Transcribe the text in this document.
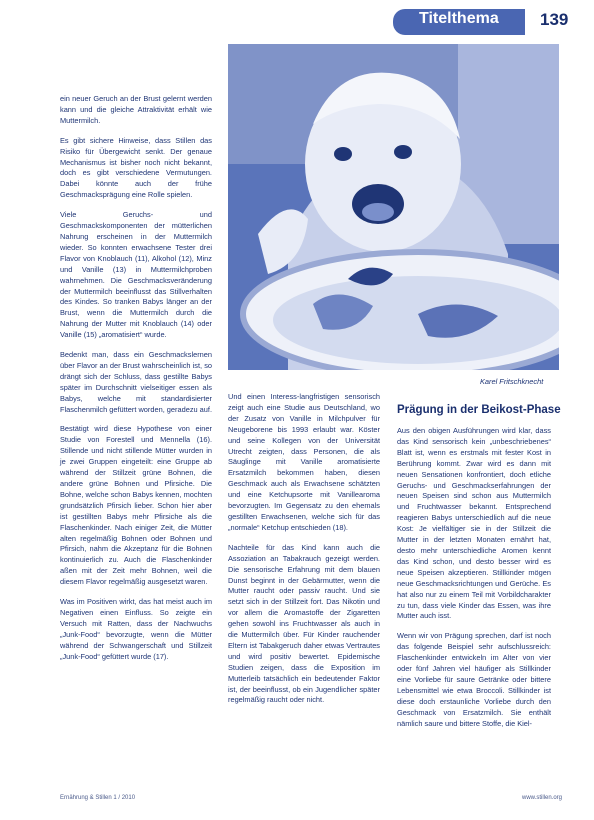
Titelthema 139

ein neuer Geruch an der Brust gelernt werden kann und die gleiche Attraktivität erhält wie Muttermilch.

Es gibt sichere Hinweise, dass Stillen das Risiko für Übergewicht senkt. Der genaue Mechanismus ist bisher noch nicht bekannt, doch es gibt verschiedene Vermutungen. Dabei könnte auch der frühe Geschmacksprägung eine Rolle spielen.

Viele Geruchs- und Geschmackskomponenten der mütterlichen Nahrung erscheinen in der Muttermilch wieder. So konnten erwachsene Tester drei Flavor von Knoblauch (11), Alkohol (12), Minz und Vanille (13) in Muttermilchproben wahrnehmen. Die Geschmacksveränderung der Muttermilch beeinflusst das Stillverhalten des Kindes. So tranken Babys länger an der Brust, wenn die Muttermilch durch die Nahrung der Mutter mit Knoblauch (14) oder Vanille (15) „aromatisiert“ wurde.

Bedenkt man, dass ein Geschmackslernen über Flavor an der Brust wahrscheinlich ist, so drängt sich der Schluss, dass gestillte Babys später im Durchschnitt vielseitiger essen als Babys, welche mit standardisierter Flaschenmilch gefüttert worden, geradezu auf.

Bestätigt wird diese Hypothese von einer Studie von Forestell und Mennella (16). Stillende und nicht stillende Mütter wurden in je zwei Gruppen eingeteilt: eine Gruppe ab während der Stillzeit grüne Bohnen, die andere grüne Bohnen und Pfirsiche. Die Bohne, welche schon Babys kennen, mochten grundsätzlich Pfirsich lieber. Schon hier aber ist gestillten Babys mehr Pfirsiche als die Flaschenkinder. Nach einiger Zeit, die Mütter alten regelmäßig Bohnen oder Bohnen und Pfirsich, nahm die Akzeptanz für die Bohnen kontinuierlich zu. Auch die Flaschenkinder aßen mit der Zeit mehr Bohnen, weil die diesem Flavor regelmäßig ausgesetzt waren.

Was im Positiven wirkt, das hat meist auch im Negativen einen Einfluss. So zeigte ein Versuch mit Ratten, dass der Nachwuchs „Junk-Food“ bevorzugte, wenn die Mütter während der Schwangerschaft und Stillzeit „Junk-Food“ gefüttert wurde (17).

Karel Fritschknecht

Und einen Interess-langfristigen sensorisch zeigt auch eine Studie aus Deutschland, wo der Zusatz von Vanille in Milchpulver für Neugeborene bis 1993 erlaubt war. Köster und seine Kollegen von der Universität Utrecht zeigten, dass Personen, die als Säuglinge mit Vanille aromatisierte Ersatzmilch bekommen haben, diesen Geschmack auch als Erwachsene schätzten und eine Ketchupsorte mit Vanillearoma bevorzugten. Im Gegensatz zu den ehemals gestillten Erwachsenen, welche sich für das „normale“ Ketchup entschieden (18).

Nachteile für das Kind kann auch die Assoziation an Tabakrauch gezeigt werden. Die sensorische Erfahrung mit dem blauen Dunst beginnt in der Gebärmutter, wenn die Mutter raucht oder passiv raucht. Und sie setzt sich in der Stillzeit fort. Das Nikotin und vor allem die Aromastoffe der Zigaretten gehen sowohl ins Fruchtwasser als auch in die Muttermilch über. Für Kinder rauchender Eltern ist Tabakgeruch daher etwas Vertrautes und wird positiv bewertet. Epidemische Studien zeigen, dass die Exposition im Mutterleib tatsächlich ein bedeutender Faktor ist, der beeinflusst, ob ein Jugendlicher später regelmäßig raucht oder nicht.

Prägung in der Beikost-Phase

Aus den obigen Ausführungen wird klar, dass das Kind sensorisch kein „unbeschriebenes“ Blatt ist, wenn es erstmals mit fester Kost in Berührung kommt. Zwar wird es dann mit neuen Sensationen konfrontiert, doch etliche Geruchs- und Geschmackserfahrungen der neuen Speisen sind schon aus Muttermilch und Fruchtwasser bekannt. Entsprechend reagieren Babys unterschiedlich auf die neue Kost: Je vielfältiger sie in der Stillzeit die Mutter in der letzten Monaten ernährt hat, desto mehr unterschiedliche Aromen kennt das Kind schon, und desto besser wird es neue Speisen akzeptieren. Stillkinder mögen neue Geschmacksrichtungen und Gerüche. Es hat also nur zu einem Teil mit Vorbildcharakter zu tun, dass viele Kinder das Essen, was ihre Mutter auch isst.

Wenn wir von Prägung sprechen, darf ist noch das folgende Beispiel sehr aufschlussreich: Flaschenkinder entwickeln im Alter von vier oder fünf Jahren viel häufiger als Stillkinder eine Vorliebe für saure Getränke oder bittere Lebensmittel wie etwa Broccoli. Stillkinder ist diese doch erstaunliche Vorliebe durch den Geschmack von Ersatzmilch. Sie enthält nämlich saure und bittere Stoffe, die Kiel-

Ernährung & Stillen 1 / 2010	www.stillen.org
